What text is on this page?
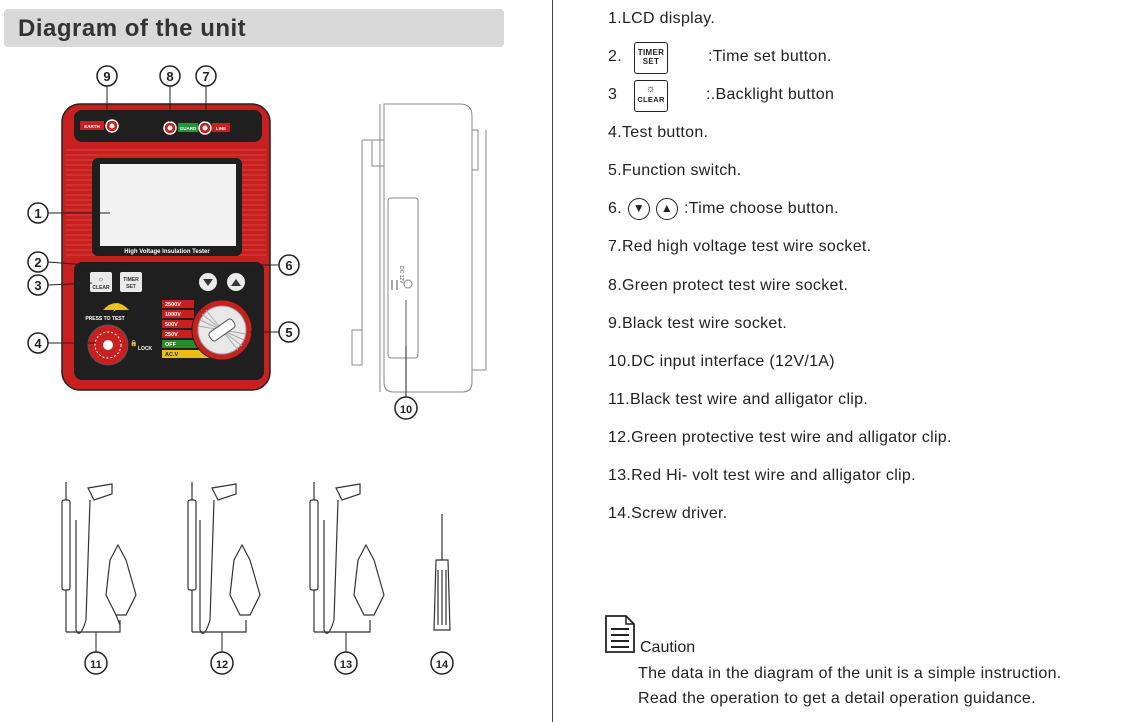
Diagram of the unit
EARTH	GUARD	LINE
High Voltage Insulation Tester
☼
CLEAR
TIMER
SET
⚡
PRESS TO TEST
🔒
LOCK
2500V
1000V
500V
250V
OFF
AC.V
DC 12V
9	8 7
1
2
3
4
6
5
10
11	12	13	14
1.LCD display.
2.	TIMER
SET	:Time set button.
3	☼
CLEAR	:.Backlight button
4.Test button.
5.Function switch.
6. ▼	▲ :Time choose button.
7.Red high voltage test wire socket.
8.Green protect test wire socket.
9.Black test wire socket.
10.DC input interface (12V/1A)
11.Black test wire and alligator clip.
12.Green protective test wire and alligator clip.
13.Red Hi- volt test wire and alligator clip.
14.Screw driver.
Caution
The data in the diagram of the unit is a simple instruction.
Read the operation to get a detail operation guidance.
